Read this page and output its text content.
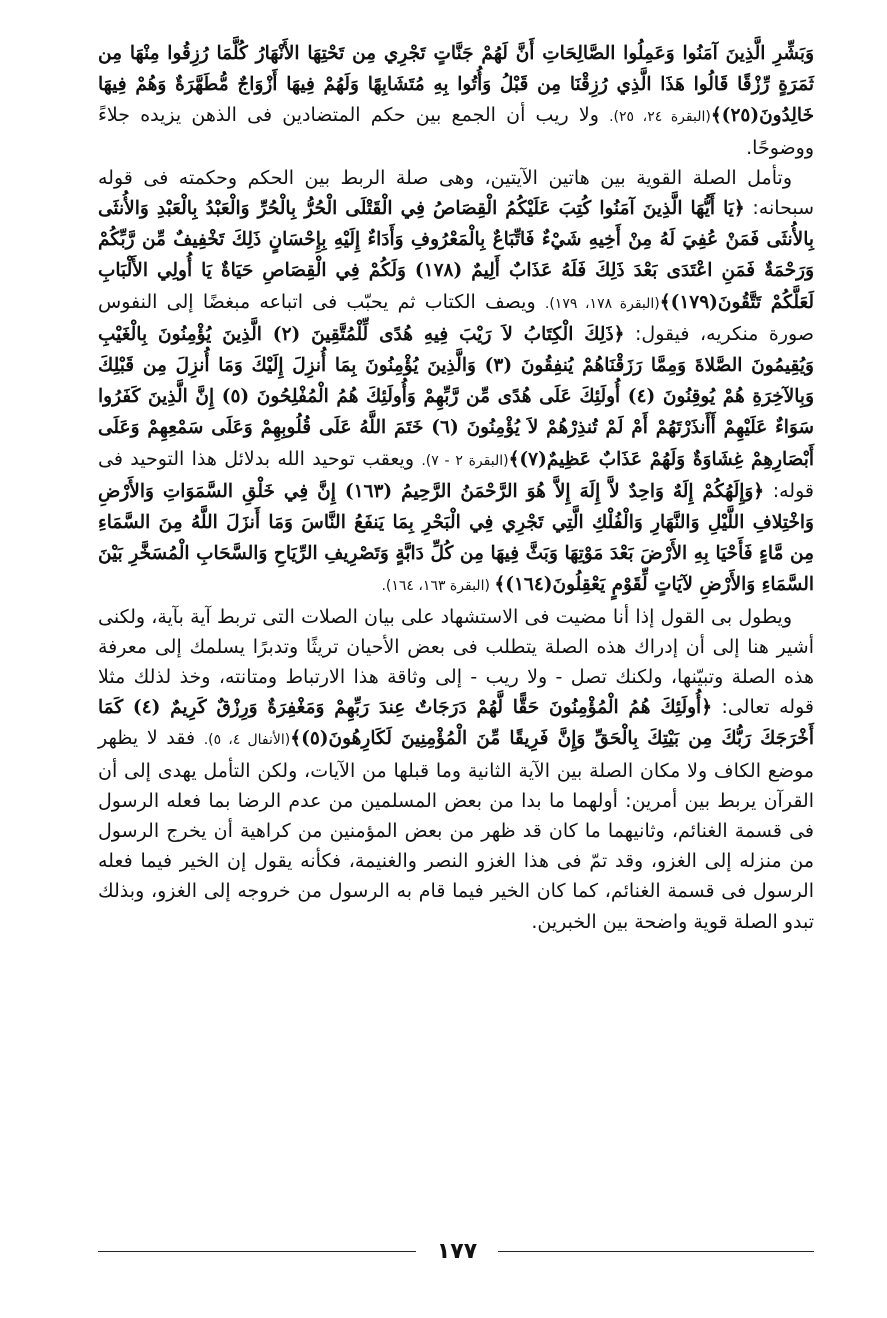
وَبَشِّرِ الَّذِينَ آمَنُوا وَعَمِلُوا الصَّالِحَاتِ أَنَّ لَهُمْ جَنَّاتٍ تَجْرِي مِن تَحْتِهَا الأَنْهَارُ كُلَّمَا رُزِقُوا مِنْهَا مِن ثَمَرَةٍ رِّزْقًا قَالُوا هَذَا الَّذِي رُزِقْنَا مِن قَبْلُ وَأُتُوا بِهِ مُتَشَابِهًا وَلَهُمْ فِيهَا أَزْوَاجٌ مُّطَهَّرَةٌ وَهُمْ فِيهَا خَالِدُونَ(٢٥)﴾(البقرة ٢٤، ٢٥). ولا ريب أن الجمع بين حكم المتضادين فى الذهن يزيده جلاءً ووضوحًا.

وتأمل الصلة القوية بين هاتين الآيتين، وهى صلة الربط بين الحكم وحكمته فى قوله سبحانه: ﴿يَا أَيُّهَا الَّذِينَ آمَنُوا كُتِبَ عَلَيْكُمُ الْقِصَاصُ فِي الْقَتْلَى الْحُرُّ بِالْحُرِّ وَالْعَبْدُ بِالْعَبْدِ وَالأُنثَى بِالأُنثَى فَمَنْ عُفِيَ لَهُ مِنْ أَخِيهِ شَيْءٌ فَاتِّبَاعٌ بِالْمَعْرُوفِ وَأَدَاءٌ إِلَيْهِ بِإِحْسَانٍ ذَلِكَ تَخْفِيفٌ مِّن رَّبِّكُمْ وَرَحْمَةٌ فَمَنِ اعْتَدَى بَعْدَ ذَلِكَ فَلَهُ عَذَابٌ أَلِيمٌ (١٧٨) وَلَكُمْ فِي الْقِصَاصِ حَيَاةٌ يَا أُولِي الأَلْبَابِ لَعَلَّكُمْ تَتَّقُونَ(١٧٩)﴾(البقرة ١٧٨، ١٧٩). ويصف الكتاب ثم يحبّب فى اتباعه مبغضًا إلى النفوس صورة منكريه، فيقول: ﴿ذَلِكَ الْكِتَابُ لاَ رَيْبَ فِيهِ هُدًى لِّلْمُتَّقِينَ (٢) الَّذِينَ يُؤْمِنُونَ بِالْغَيْبِ وَيُقِيمُونَ الصَّلاةَ وَمِمَّا رَزَقْنَاهُمْ يُنفِقُونَ (٣) وَالَّذِينَ يُؤْمِنُونَ بِمَا أُنزِلَ إِلَيْكَ وَمَا أُنزِلَ مِن قَبْلِكَ وَبِالآخِرَةِ هُمْ يُوقِنُونَ (٤) أُولَئِكَ عَلَى هُدًى مِّن رَّبِّهِمْ وَأُولَئِكَ هُمُ الْمُفْلِحُونَ (٥) إِنَّ الَّذِينَ كَفَرُوا سَوَاءٌ عَلَيْهِمْ أَأَنذَرْتَهُمْ أَمْ لَمْ تُنذِرْهُمْ لاَ يُؤْمِنُونَ (٦) خَتَمَ اللَّهُ عَلَى قُلُوبِهِمْ وَعَلَى سَمْعِهِمْ وَعَلَى أَبْصَارِهِمْ غِشَاوَةٌ وَلَهُمْ عَذَابٌ عَظِيمٌ(٧)﴾(البقرة ٢ - ٧). ويعقب توحيد الله بدلائل هذا التوحيد فى قوله: ﴿وَإِلَهُكُمْ إِلَهٌ وَاحِدٌ لاَّ إِلَهَ إِلاَّ هُوَ الرَّحْمَنُ الرَّحِيمُ (١٦٣) إِنَّ فِي خَلْقِ السَّمَوَاتِ وَالأَرْضِ وَاخْتِلافِ اللَّيْلِ وَالنَّهَارِ وَالْفُلْكِ الَّتِي تَجْرِي فِي الْبَحْرِ بِمَا يَنفَعُ النَّاسَ وَمَا أَنزَلَ اللَّهُ مِنَ السَّمَاءِ مِن مَّاءٍ فَأَحْيَا بِهِ الأَرْضَ بَعْدَ مَوْتِهَا وَبَثَّ فِيهَا مِن كُلِّ دَابَّةٍ وَتَصْرِيفِ الرِّيَاحِ وَالسَّحَابِ الْمُسَخَّرِ بَيْنَ السَّمَاءِ وَالأَرْضِ لآيَاتٍ لِّقَوْمٍ يَعْقِلُونَ(١٦٤)﴾ (البقرة ١٦٣، ١٦٤).

ويطول بى القول إذا أنا مضيت فى الاستشهاد على بيان الصلات التى تربط آية بآية، ولكنى أشير هنا إلى أن إدراك هذه الصلة يتطلب فى بعض الأحيان تريثًا وتدبرًا يسلمك إلى معرفة هذه الصلة وتبيّنها، ولكنك تصل - ولا ريب - إلى وثاقة هذا الارتباط ومتانته، وخذ لذلك مثلا قوله تعالى: ﴿أُولَئِكَ هُمُ الْمُؤْمِنُونَ حَقًّا لَّهُمْ دَرَجَاتٌ عِندَ رَبِّهِمْ وَمَغْفِرَةٌ وَرِزْقٌ كَرِيمٌ (٤) كَمَا أَخْرَجَكَ رَبُّكَ مِن بَيْتِكَ بِالْحَقِّ وَإِنَّ فَرِيقًا مِّنَ الْمُؤْمِنِينَ لَكَارِهُونَ(٥)﴾(الأنفال ٤، ٥). فقد لا يظهر موضع الكاف ولا مكان الصلة بين الآية الثانية وما قبلها من الآيات، ولكن التأمل يهدى إلى أن القرآن يربط بين أمرين: أولهما ما بدا من بعض المسلمين من عدم الرضا بما فعله الرسول فى قسمة الغنائم، وثانيهما ما كان قد ظهر من بعض المؤمنين من كراهية أن يخرج الرسول من منزله إلى الغزو، وقد تمّ فى هذا الغزو النصر والغنيمة، فكأنه يقول إن الخير فيما فعله الرسول فى قسمة الغنائم، كما كان الخير فيما قام به الرسول من خروجه إلى الغزو، وبذلك تبدو الصلة قوية واضحة بين الخبرين.

١٧٧
